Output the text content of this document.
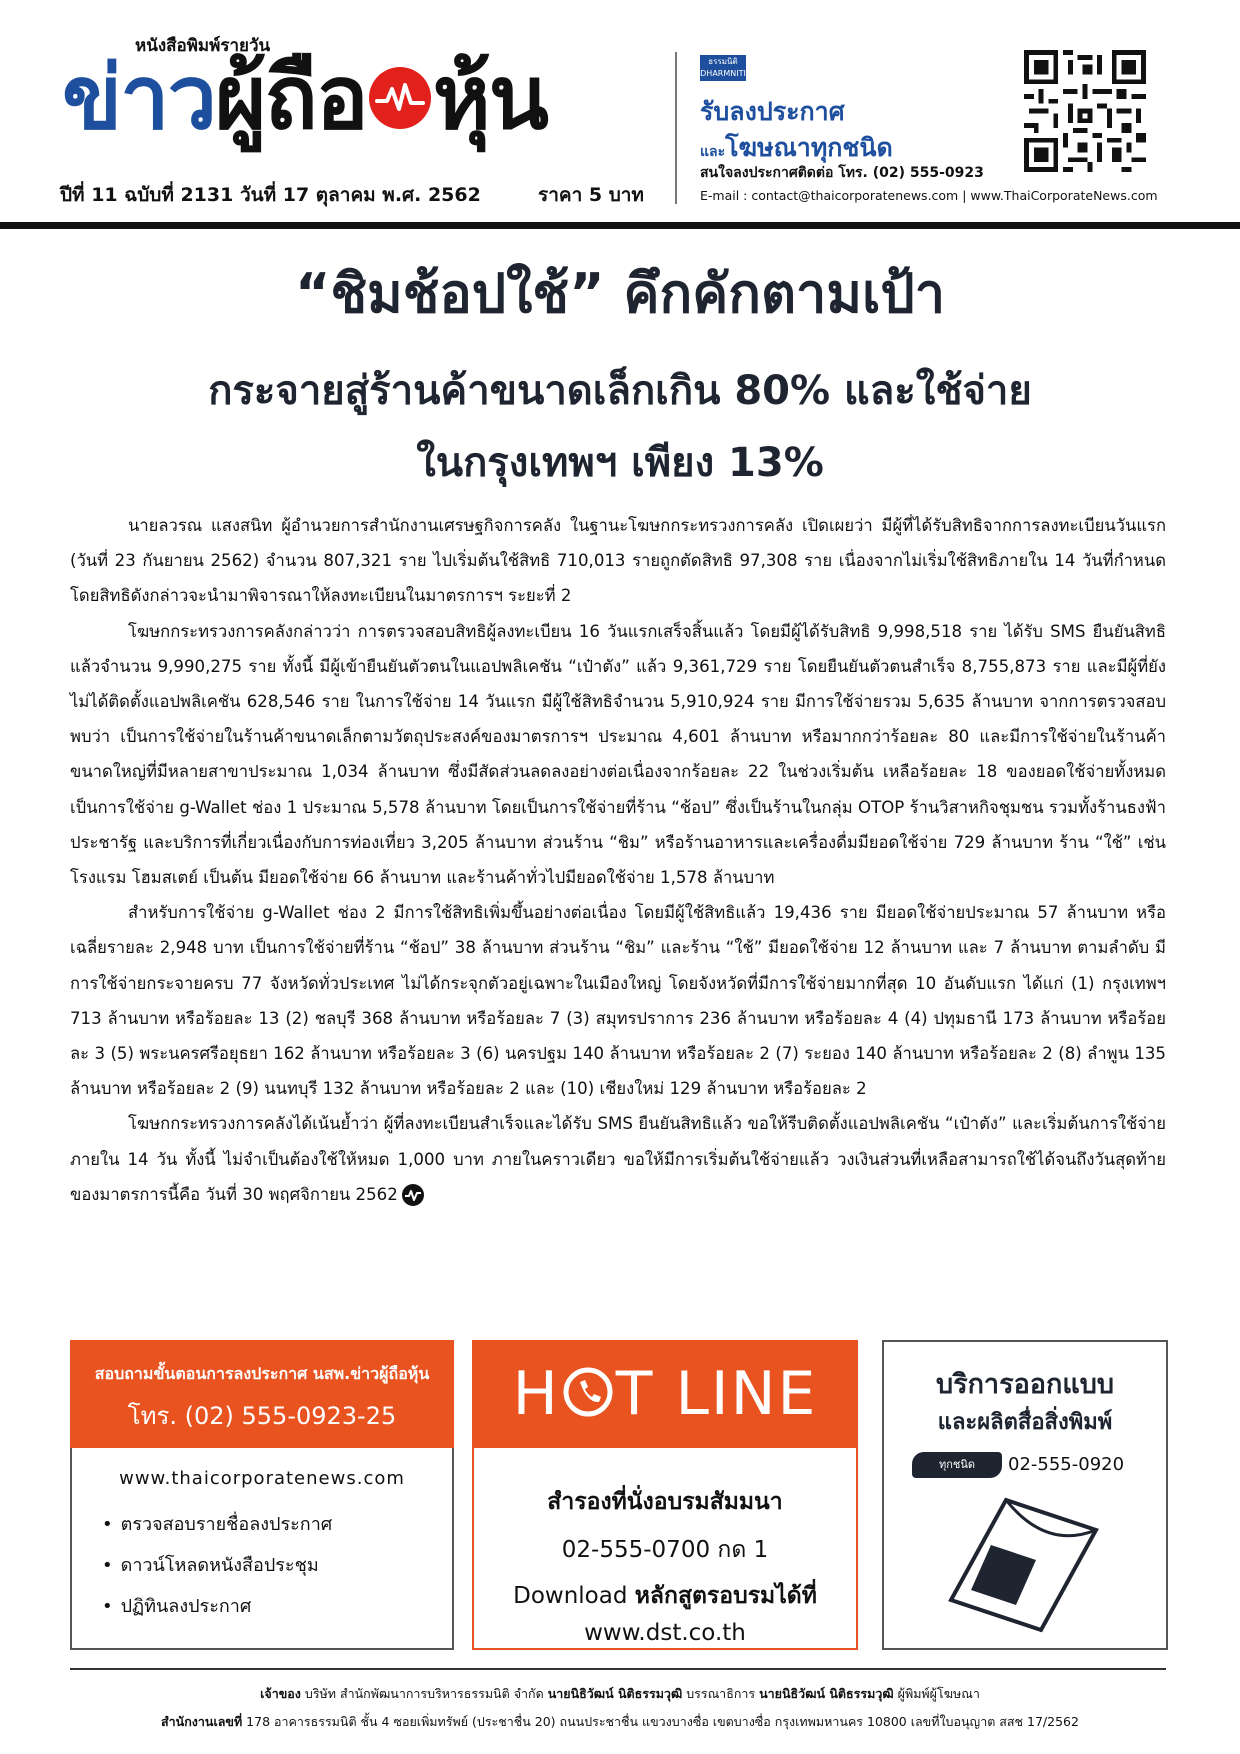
หนังสือพิมพ์รายวัน
ข่าวผู้ถือ หุ้น
ปีที่ 11 ฉบับที่ 2131 วันที่ 17 ตุลาคม พ.ศ. 2562	ราคา 5 บาท
ธรรมนิติ DHARMNITI
รับลงประกาศ
และโฆษณาทุกชนิด
สนใจลงประกาศติดต่อ โทร. (02) 555-0923
E-mail : contact@thaicorporatenews.com | www.ThaiCorporateNews.com
“ชิมช้อปใช้” คึกคักตามเป้า
กระจายสู่ร้านค้าขนาดเล็กเกิน 80% และใช้จ่าย
ในกรุงเทพฯ เพียง 13%

นายลวรณ แสงสนิท ผู้อำนวยการสำนักงานเศรษฐกิจการคลัง ในฐานะโฆษกกระทรวงการคลัง เปิดเผยว่า มีผู้ที่ได้รับสิทธิจากการลงทะเบียนวันแรก (วันที่ 23 กันยายน 2562) จำนวน 807,321 ราย ไปเริ่มต้นใช้สิทธิ 710,013 รายถูกตัดสิทธิ 97,308 ราย เนื่องจากไม่เริ่มใช้สิทธิภายใน 14 วันที่กำหนด โดยสิทธิดังกล่าวจะนำมาพิจารณาให้ลงทะเบียนในมาตรการฯ ระยะที่ 2

โฆษกกระทรวงการคลังกล่าวว่า การตรวจสอบสิทธิผู้ลงทะเบียน 16 วันแรกเสร็จสิ้นแล้ว โดยมีผู้ได้รับสิทธิ 9,998,518 ราย ได้รับ SMS ยืนยันสิทธิแล้วจำนวน 9,990,275 ราย ทั้งนี้ มีผู้เข้ายืนยันตัวตนในแอปพลิเคชัน “เป๋าตัง” แล้ว 9,361,729 ราย โดยยืนยันตัวตนสำเร็จ 8,755,873 ราย และมีผู้ที่ยังไม่ได้ติดตั้งแอปพลิเคชัน 628,546 ราย ในการใช้จ่าย 14 วันแรก มีผู้ใช้สิทธิจำนวน 5,910,924 ราย มีการใช้จ่ายรวม 5,635 ล้านบาท จากการตรวจสอบพบว่า เป็นการใช้จ่ายในร้านค้าขนาดเล็กตามวัตถุประสงค์ของมาตรการฯ ประมาณ 4,601 ล้านบาท หรือมากกว่าร้อยละ 80 และมีการใช้จ่ายในร้านค้าขนาดใหญ่ที่มีหลายสาขาประมาณ 1,034 ล้านบาท ซึ่งมีสัดส่วนลดลงอย่างต่อเนื่องจากร้อยละ 22 ในช่วงเริ่มต้น เหลือร้อยละ 18 ของยอดใช้จ่ายทั้งหมด เป็นการใช้จ่าย g-Wallet ช่อง 1 ประมาณ 5,578 ล้านบาท โดยเป็นการใช้จ่ายที่ร้าน “ช้อป” ซึ่งเป็นร้านในกลุ่ม OTOP ร้านวิสาหกิจชุมชน รวมทั้งร้านธงฟ้าประชารัฐ และบริการที่เกี่ยวเนื่องกับการท่องเที่ยว 3,205 ล้านบาท ส่วนร้าน “ชิม” หรือร้านอาหารและเครื่องดื่มมียอดใช้จ่าย 729 ล้านบาท ร้าน “ใช้” เช่น โรงแรม โฮมสเตย์ เป็นต้น มียอดใช้จ่าย 66 ล้านบาท และร้านค้าทั่วไปมียอดใช้จ่าย 1,578 ล้านบาท

สำหรับการใช้จ่าย g-Wallet ช่อง 2 มีการใช้สิทธิเพิ่มขึ้นอย่างต่อเนื่อง โดยมีผู้ใช้สิทธิแล้ว 19,436 ราย มียอดใช้จ่ายประมาณ 57 ล้านบาท หรือเฉลี่ยรายละ 2,948 บาท เป็นการใช้จ่ายที่ร้าน “ช้อป” 38 ล้านบาท ส่วนร้าน “ชิม” และร้าน “ใช้” มียอดใช้จ่าย 12 ล้านบาท และ 7 ล้านบาท ตามลำดับ มีการใช้จ่ายกระจายครบ 77 จังหวัดทั่วประเทศ ไม่ได้กระจุกตัวอยู่เฉพาะในเมืองใหญ่ โดยจังหวัดที่มีการใช้จ่ายมากที่สุด 10 อันดับแรก ได้แก่ (1) กรุงเทพฯ 713 ล้านบาท หรือร้อยละ 13 (2) ชลบุรี 368 ล้านบาท หรือร้อยละ 7 (3) สมุทรปราการ 236 ล้านบาท หรือร้อยละ 4 (4) ปทุมธานี 173 ล้านบาท หรือร้อยละ 3 (5) พระนครศรีอยุธยา 162 ล้านบาท หรือร้อยละ 3 (6) นครปฐม 140 ล้านบาท หรือร้อยละ 2 (7) ระยอง 140 ล้านบาท หรือร้อยละ 2 (8) ลำพูน 135 ล้านบาท หรือร้อยละ 2 (9) นนทบุรี 132 ล้านบาท หรือร้อยละ 2 และ (10) เชียงใหม่ 129 ล้านบาท หรือร้อยละ 2

โฆษกกระทรวงการคลังได้เน้นย้ำว่า ผู้ที่ลงทะเบียนสำเร็จและได้รับ SMS ยืนยันสิทธิแล้ว ขอให้รีบติดตั้งแอปพลิเคชัน “เป๋าตัง” และเริ่มต้นการใช้จ่ายภายใน 14 วัน ทั้งนี้ ไม่จำเป็นต้องใช้ให้หมด 1,000 บาท ภายในคราวเดียว ขอให้มีการเริ่มต้นใช้จ่ายแล้ว วงเงินส่วนที่เหลือสามารถใช้ได้จนถึงวันสุดท้ายของมาตรการนี้คือ วันที่ 30 พฤศจิกายน 2562

สอบถามขั้นตอนการลงประกาศ นสพ.ข่าวผู้ถือหุ้น
โทร. (02) 555-0923-25
www.thaicorporatenews.com
• ตรวจสอบรายชื่อลงประกาศ
• ดาวน์โหลดหนังสือประชุม
• ปฏิทินลงประกาศ
H T LINE
สำรองที่นั่งอบรมสัมมนา
02-555-0700 กด 1
Download หลักสูตรอบรมได้ที่
www.dst.co.th
บริการออกแบบ
และผลิตสื่อสิ่งพิมพ์
ทุกชนิด	02-555-0920
เจ้าของ บริษัท สำนักพัฒนาการบริหารธรรมนิติ จำกัด นายนิธิวัฒน์ นิติธรรมวุฒิ บรรณาธิการ นายนิธิวัฒน์ นิติธรรมวุฒิ ผู้พิมพ์ผู้โฆษณา
สำนักงานเลขที่ 178 อาคารธรรมนิติ ชั้น 4 ซอยเพิ่มทรัพย์ (ประชาชื่น 20) ถนนประชาชื่น แขวงบางซื่อ เขตบางซื่อ กรุงเทพมหานคร 10800 เลขที่ใบอนุญาต สสช 17/2562
